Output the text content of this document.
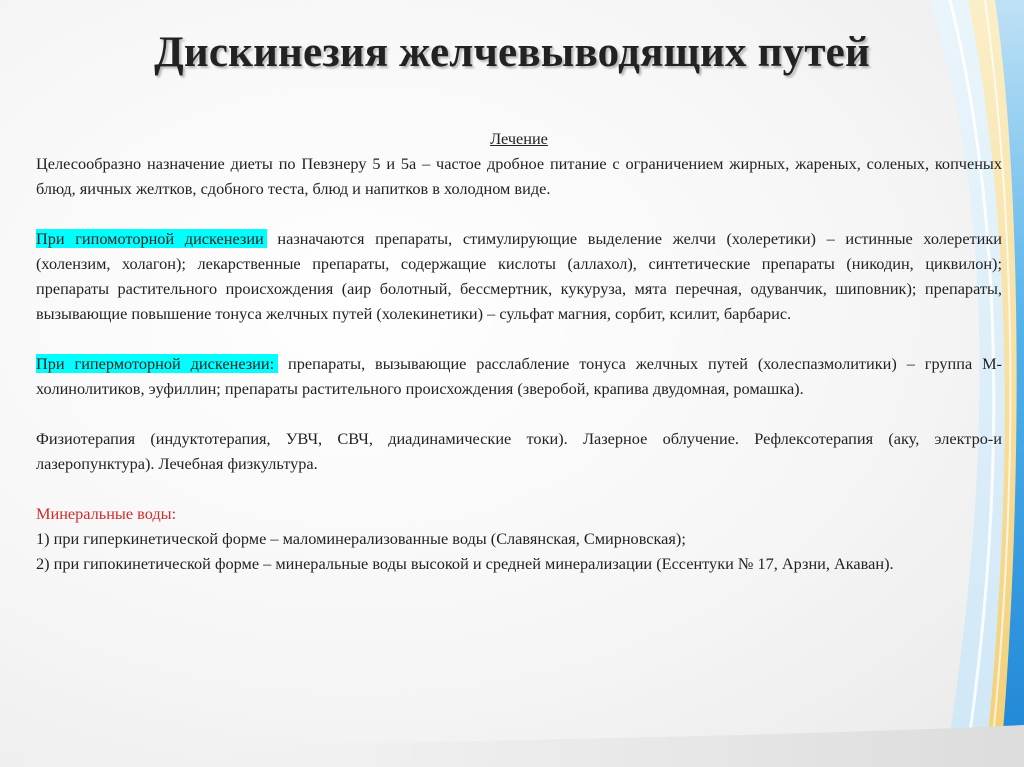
Дискинезия желчевыводящих путей

Лечение

Целесообразно назначение диеты по Певзнеру 5 и 5а – частое дробное питание с ограничением жирных, жареных, соленых, копченых блюд, яичных желтков, сдобного теста, блюд и напитков в холодном виде.

При гипомоторной дискенезии назначаются препараты, стимулирующие выделение желчи (холеретики) – истинные холеретики (холензим, холагон); лекарственные препараты, содержащие кислоты (аллахол), синтетические препараты (никодин, циквилон); препараты растительного происхождения (аир болотный, бессмертник, кукуруза, мята перечная, одуванчик, шиповник); препараты, вызывающие повышение тонуса желчных путей (холекинетики) – сульфат магния, сорбит, ксилит, барбарис.

При гипермоторной дискенезии: препараты, вызывающие расслабление тонуса желчных путей (холеспазмолитики) – группа М-холинолитиков, эуфиллин; препараты растительного происхождения (зверобой, крапива двудомная, ромашка).

Физиотерапия (индуктотерапия, УВЧ, СВЧ, диадинамические токи). Лазерное облучение. Рефлексотерапия (аку, электро-и лазеропунктура). Лечебная физкультура.

Минеральные воды:

1) при гиперкинетической форме – маломинерализованные воды (Славянская, Смирновская);

2) при гипокинетической форме – минеральные воды высокой и средней минерализации (Ессентуки № 17, Арзни, Акаван).
